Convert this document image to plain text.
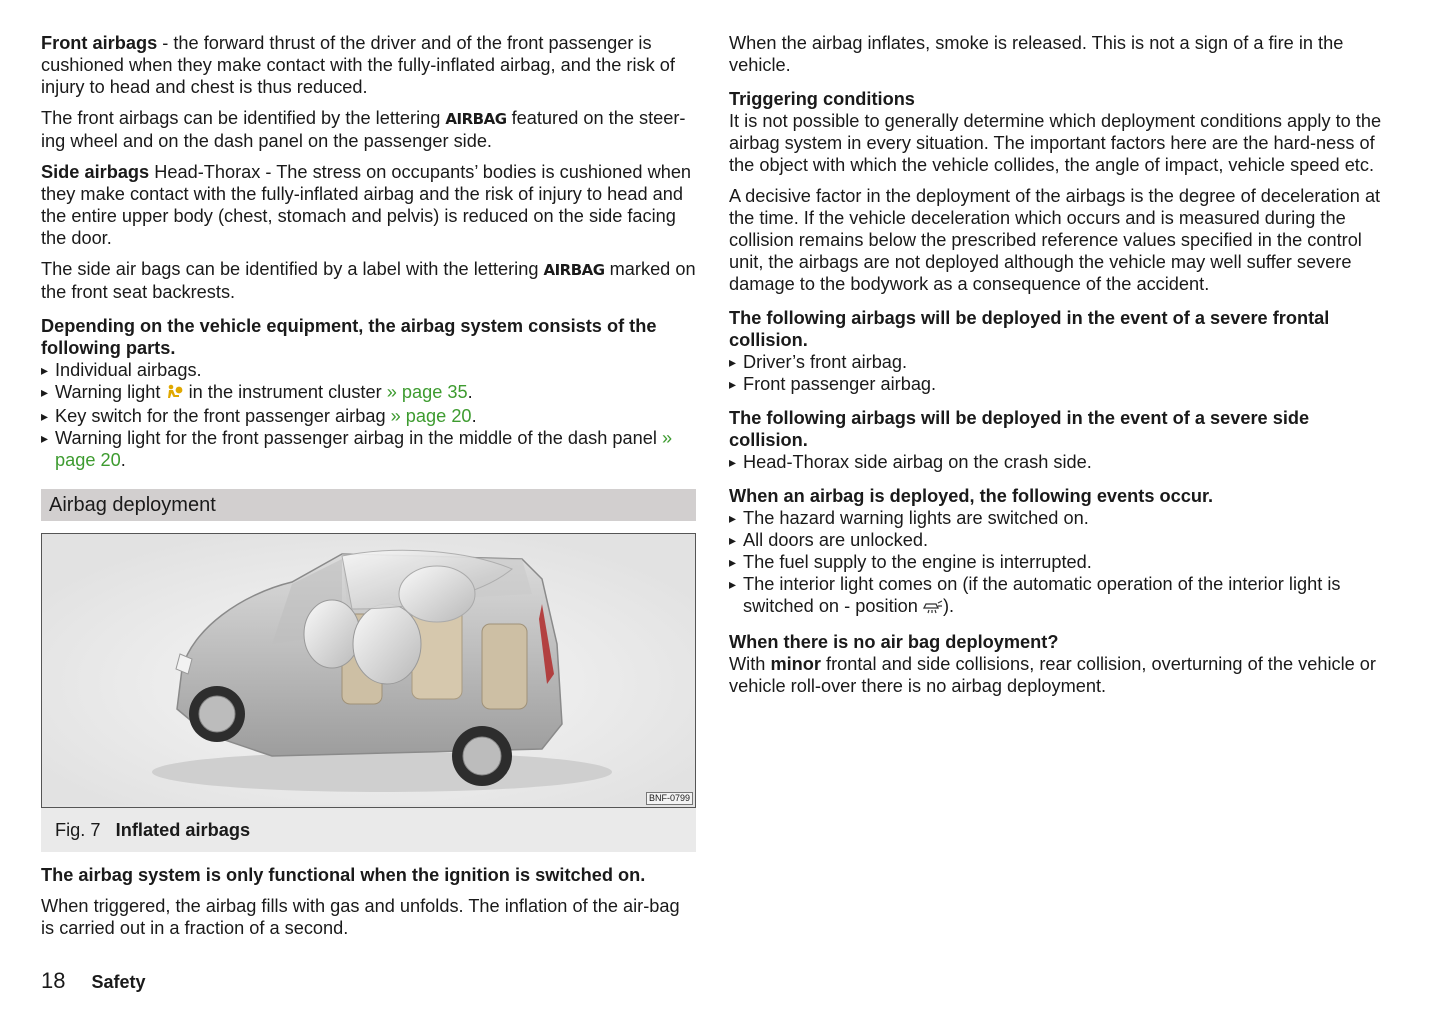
Front airbags - the forward thrust of the driver and of the front passenger is cushioned when they make contact with the fully-inflated airbag, and the risk of injury to head and chest is thus reduced.

The front airbags can be identified by the lettering AIRBAG featured on the steer-ing wheel and on the dash panel on the passenger side.

Side airbags Head-Thorax - The stress on occupants’ bodies is cushioned when they make contact with the fully-inflated airbag and the risk of injury to head and the entire upper body (chest, stomach and pelvis) is reduced on the side facing the door.

The side air bags can be identified by a label with the lettering AIRBAG marked on the front seat backrests.

Depending on the vehicle equipment, the airbag system consists of the following parts.

▸ Individual airbags.
▸ Warning light  in the instrument cluster » page 35.
▸ Key switch for the front passenger airbag » page 20.
▸ Warning light for the front passenger airbag in the middle of the dash panel » page 20.
Airbag deployment
BNF-0799
Fig. 7 Inflated airbags

The airbag system is only functional when the ignition is switched on.

When triggered, the airbag fills with gas and unfolds. The inflation of the air-bag is carried out in a fraction of a second.

When the airbag inflates, smoke is released. This is not a sign of a fire in the vehicle.

Triggering conditions

It is not possible to generally determine which deployment conditions apply to the airbag system in every situation. The important factors here are the hard-ness of the object with which the vehicle collides, the angle of impact, vehicle speed etc.

A decisive factor in the deployment of the airbags is the degree of deceleration at the time. If the vehicle deceleration which occurs and is measured during the collision remains below the prescribed reference values specified in the control unit, the airbags are not deployed although the vehicle may well suffer severe damage to the bodywork as a consequence of the accident.

The following airbags will be deployed in the event of a severe frontal collision.

▸ Driver’s front airbag.
▸ Front passenger airbag.

The following airbags will be deployed in the event of a severe side collision.

▸ Head-Thorax side airbag on the crash side.

When an airbag is deployed, the following events occur.

▸ The hazard warning lights are switched on.
▸ All doors are unlocked.
▸ The fuel supply to the engine is interrupted.
▸ The interior light comes on (if the automatic operation of the interior light is switched on - position ).

When there is no air bag deployment?

With minor frontal and side collisions, rear collision, overturning of the vehicle or vehicle roll-over there is no airbag deployment.

18 Safety
